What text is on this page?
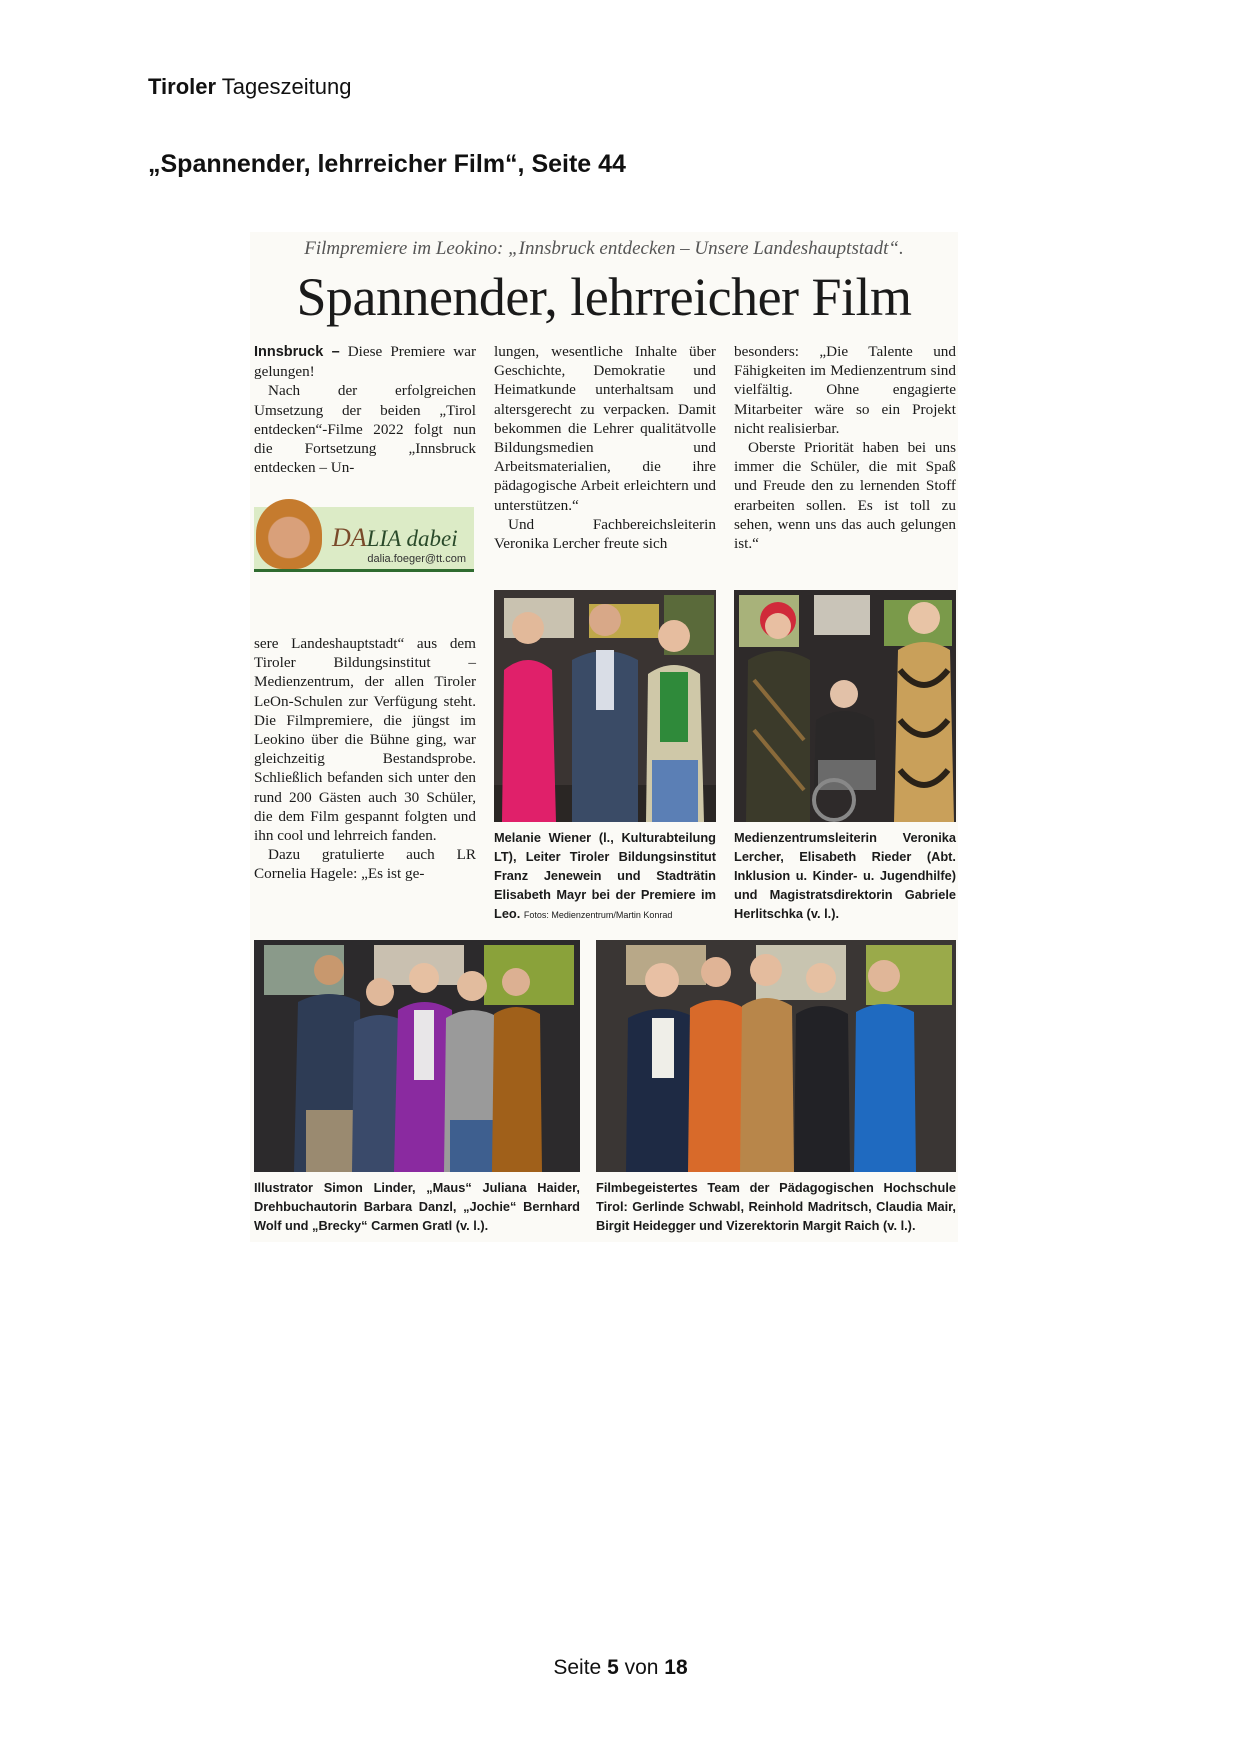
Tiroler Tageszeitung
„Spannender, lehrreicher Film“, Seite 44
Filmpremiere im Leokino: „Innsbruck entdecken – Unsere Landeshauptstadt“.
Spannender, lehrreicher Film

Innsbruck – Diese Premiere war gelungen!

Nach der erfolgreichen Umsetzung der beiden „Tirol entdecken“-Filme 2022 folgt nun die Fortsetzung „Innsbruck entdecken – Un-

DALIA dabei
dalia.foeger@tt.com

sere Landeshauptstadt“ aus dem Tiroler Bildungsinstitut – Medienzentrum, der allen Tiroler LeOn-Schulen zur Verfügung steht. Die Filmpremiere, die jüngst im Leokino über die Bühne ging, war gleichzeitig Bestandsprobe. Schließlich befanden sich unter den rund 200 Gästen auch 30 Schüler, die dem Film gespannt folgten und ihn cool und lehrreich fanden.

Dazu gratulierte auch LR Cornelia Hagele: „Es ist ge-

lungen, wesentliche Inhalte über Geschichte, Demokratie und Heimatkunde unterhaltsam und altersgerecht zu verpacken. Damit bekommen die Lehrer qualitätvolle Bildungsmedien und Arbeitsmaterialien, die ihre pädagogische Arbeit erleichtern und unterstützen.“

Und Fachbereichsleiterin Veronika Lercher freute sich

besonders: „Die Talente und Fähigkeiten im Medienzentrum sind vielfältig. Ohne engagierte Mitarbeiter wäre so ein Projekt nicht realisierbar.

Oberste Priorität haben bei uns immer die Schüler, die mit Spaß und Freude den zu lernenden Stoff erarbeiten sollen. Es ist toll zu sehen, wenn uns das auch gelungen ist.“

Melanie Wiener (l., Kulturabteilung LT), Leiter Tiroler Bildungsinstitut Franz Jenewein und Stadträtin Elisabeth Mayr bei der Premiere im Leo. Fotos: Medienzentrum/Martin Konrad
Medienzentrumsleiterin Veronika Lercher, Elisabeth Rieder (Abt. Inklusion u. Kinder- u. Jugendhilfe) und Magistratsdirektorin Gabriele Herlitschka (v. l.).
Illustrator Simon Linder, „Maus“ Juliana Haider, Drehbuchautorin Barbara Danzl, „Jochie“ Bernhard Wolf und „Brecky“ Carmen Gratl (v. l.).
Filmbegeistertes Team der Pädagogischen Hochschule Tirol: Gerlinde Schwabl, Reinhold Madritsch, Claudia Mair, Birgit Heidegger und Vizerektorin Margit Raich (v. l.).
Seite 5 von 18
